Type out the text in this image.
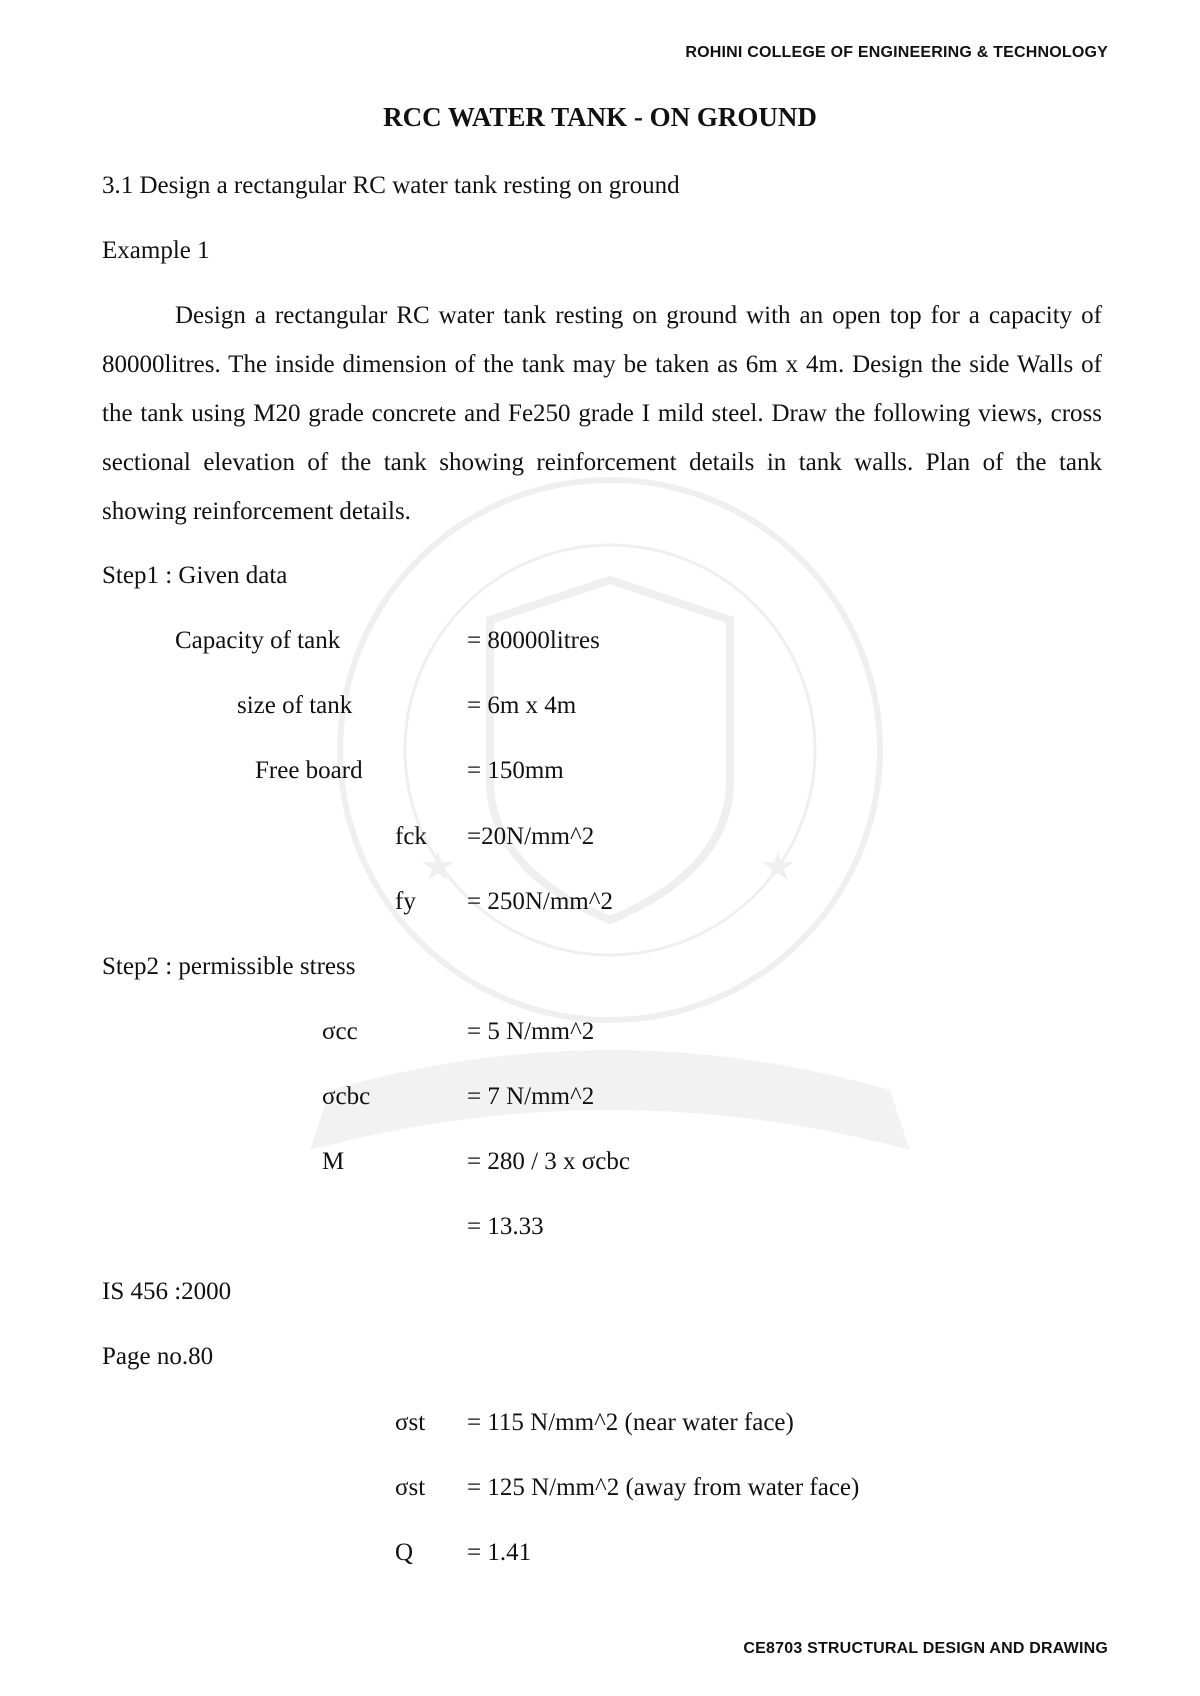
★	★
ROHINI COLLEGE OF ENGINEERING & TECHNOLOGY
RCC WATER TANK - ON GROUND
3.1 Design a rectangular RC water tank resting on ground
Example 1
Design a rectangular RC water tank resting on ground with an open top for a capacity of 80000litres. The inside dimension of the tank may be taken as 6m x 4m. Design the side Walls of the tank using M20 grade concrete and Fe250 grade I mild steel. Draw the following views, cross sectional elevation of the tank showing reinforcement details in tank walls. Plan of the tank showing reinforcement details.
Step1 : Given data
Capacity of tank	= 80000litres
size of tank	= 6m x 4m
Free board	= 150mm
fck =20N/mm^2
fy = 250N/mm^2
Step2 : permissible stress
σcc	= 5 N/mm^2
σcbc	= 7 N/mm^2
M	= 280 / 3 x σcbc
= 13.33
IS 456 :2000
Page no.80
σst = 115 N/mm^2 (near water face)
σst = 125 N/mm^2 (away from water face)
Q = 1.41
CE8703 STRUCTURAL DESIGN AND DRAWING
